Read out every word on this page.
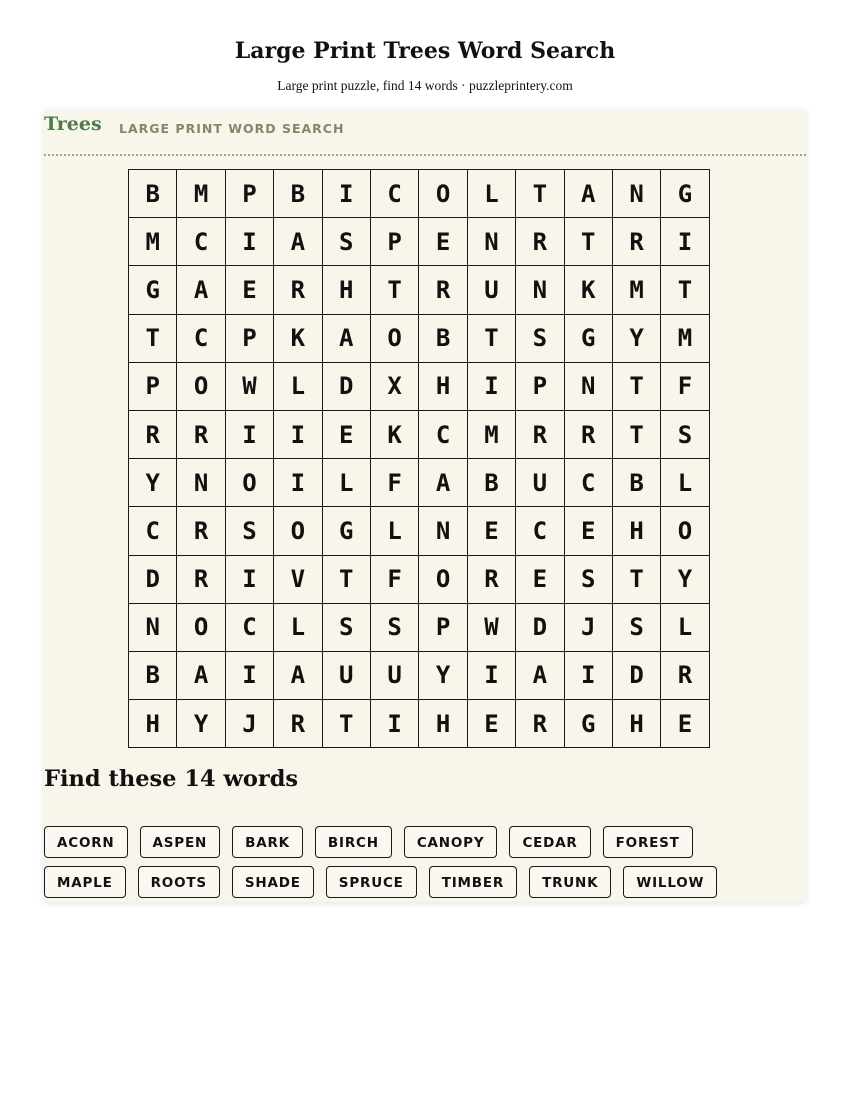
Large Print Trees Word Search
Large print puzzle, find 14 words · puzzleprintery.com
Trees LARGE PRINT WORD SEARCH
B	M	P	B	I	C	O	L	T	A	N	G
M	C	I	A	S	P	E	N	R	T	R	I
G	A	E	R	H	T	R	U	N	K	M	T
T	C	P	K	A	O	B	T	S	G	Y	M
P	O	W	L	D	X	H	I	P	N	T	F
R	R	I	I	E	K	C	M	R	R	T	S
Y	N	O	I	L	F	A	B	U	C	B	L
C	R	S	O	G	L	N	E	C	E	H	O
D	R	I	V	T	F	O	R	E	S	T	Y
N	O	C	L	S	S	P	W	D	J	S	L
B	A	I	A	U	U	Y	I	A	I	D	R
H	Y	J	R	T	I	H	E	R	G	H	E
Find these 14 words
ACORN	ASPEN	BARK	BIRCH	CANOPY	CEDAR	FOREST
MAPLE	ROOTS	SHADE	SPRUCE	TIMBER	TRUNK	WILLOW
